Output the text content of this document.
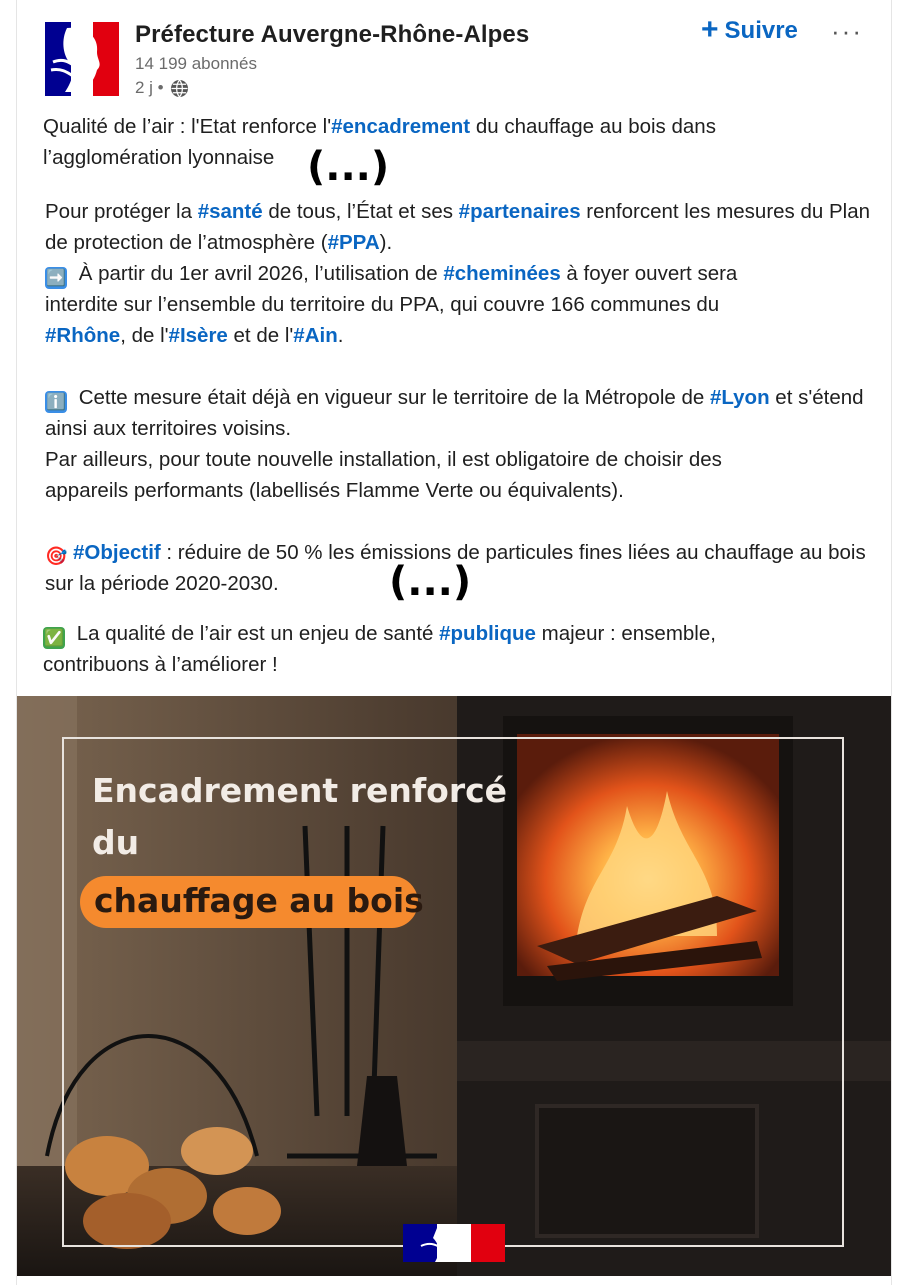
Préfecture Auvergne-Rhône-Alpes
14 199 abonnés
2 j •
+ Suivre ···

Qualité de l’air : l'Etat renforce l'#encadrement du chauffage au bois dans l’agglomération lyonnaise (...)

Pour protéger la #santé de tous, l’État et ses #partenaires renforcent les mesures du Plan de protection de l’atmosphère (#PPA).

➡️ À partir du 1er avril 2026, l’utilisation de #cheminées à foyer ouvert sera interdite sur l’ensemble du territoire du PPA, qui couvre 166 communes du #Rhône, de l'#Isère et de l'#Ain.

ℹ️ Cette mesure était déjà en vigueur sur le territoire de la Métropole de #Lyon et s'étend ainsi aux territoires voisins.

Par ailleurs, pour toute nouvelle installation, il est obligatoire de choisir des appareils performants (labellisés Flamme Verte ou équivalents).

🎯 #Objectif : réduire de 50 % les émissions de particules fines liées au chauffage au bois sur la période 2020-2030.	(...)

✅ La qualité de l’air est un enjeu de santé #publique majeur : ensemble, contribuons à l’améliorer !

Encadrement renforcé
du
chauffage au bois
